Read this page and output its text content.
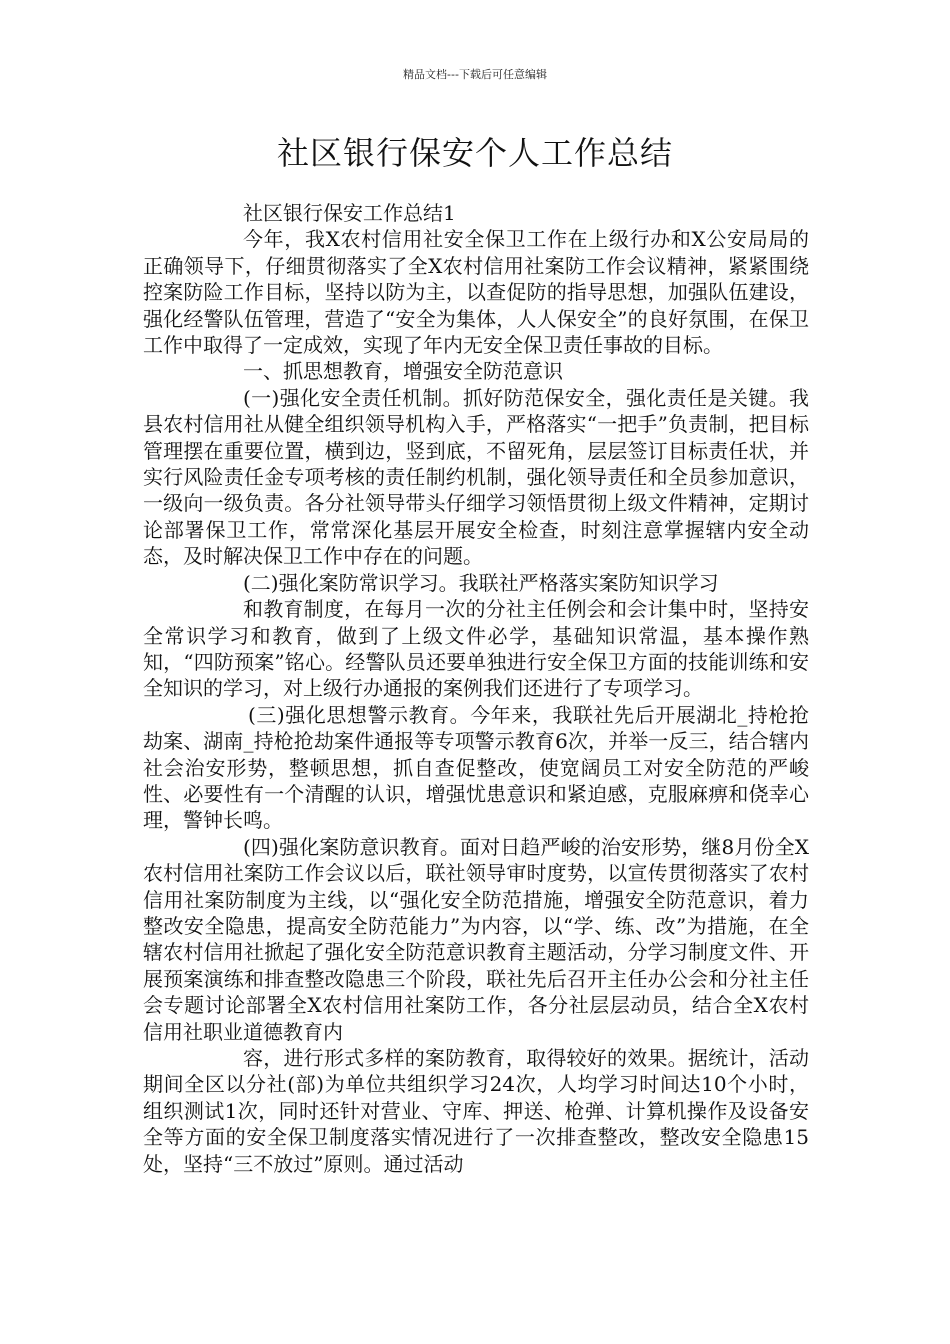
精品文档---下载后可任意编辑
社区银行保安个人工作总结

社区银行保安工作总结1

今年，我X农村信用社安全保卫工作在上级行办和X公安局局的正确领导下，仔细贯彻落实了全X农村信用社案防工作会议精神，紧紧围绕控案防险工作目标，坚持以防为主，以查促防的指导思想，加强队伍建设，强化经警队伍管理，营造了“安全为集体，人人保安全”的良好氛围，在保卫工作中取得了一定成效，实现了年内无安全保卫责任事故的目标。

一、抓思想教育，增强安全防范意识

(一)强化安全责任机制。抓好防范保安全，强化责任是关键。我县农村信用社从健全组织领导机构入手，严格落实“一把手”负责制，把目标管理摆在重要位置，横到边，竖到底，不留死角，层层签订目标责任状，并实行风险责任金专项考核的责任制约机制，强化领导责任和全员参加意识，一级向一级负责。各分社领导带头仔细学习领悟贯彻上级文件精神，定期讨论部署保卫工作，常常深化基层开展安全检查，时刻注意掌握辖内安全动态，及时解决保卫工作中存在的问题。

(二)强化案防常识学习。我联社严格落实案防知识学习

和教育制度，在每月一次的分社主任例会和会计集中时，坚持安全常识学习和教育，做到了上级文件必学，基础知识常温，基本操作熟知，“四防预案”铭心。经警队员还要单独进行安全保卫方面的技能训练和安全知识的学习，对上级行办通报的案例我们还进行了专项学习。

(三)强化思想警示教育。今年来，我联社先后开展湖北_持枪抢劫案、湖南_持枪抢劫案件通报等专项警示教育6次，并举一反三，结合辖内社会治安形势，整顿思想，抓自查促整改，使宽阔员工对安全防范的严峻性、必要性有一个清醒的认识，增强忧患意识和紧迫感，克服麻痹和侥幸心理，警钟长鸣。

(四)强化案防意识教育。面对日趋严峻的治安形势，继8月份全X农村信用社案防工作会议以后，联社领导审时度势，以宣传贯彻落实了农村信用社案防制度为主线，以“强化安全防范措施，增强安全防范意识，着力整改安全隐患，提高安全防范能力”为内容，以“学、练、改”为措施，在全辖农村信用社掀起了强化安全防范意识教育主题活动，分学习制度文件、开展预案演练和排查整改隐患三个阶段，联社先后召开主任办公会和分社主任会专题讨论部署全X农村信用社案防工作，各分社层层动员，结合全X农村信用社职业道德教育内

容，进行形式多样的案防教育，取得较好的效果。据统计，活动期间全区以分社(部)为单位共组织学习24次，人均学习时间达10个小时，组织测试1次，同时还针对营业、守库、押送、枪弹、计算机操作及设备安全等方面的安全保卫制度落实情况进行了一次排查整改，整改安全隐患15处，坚持“三不放过”原则。通过活动
